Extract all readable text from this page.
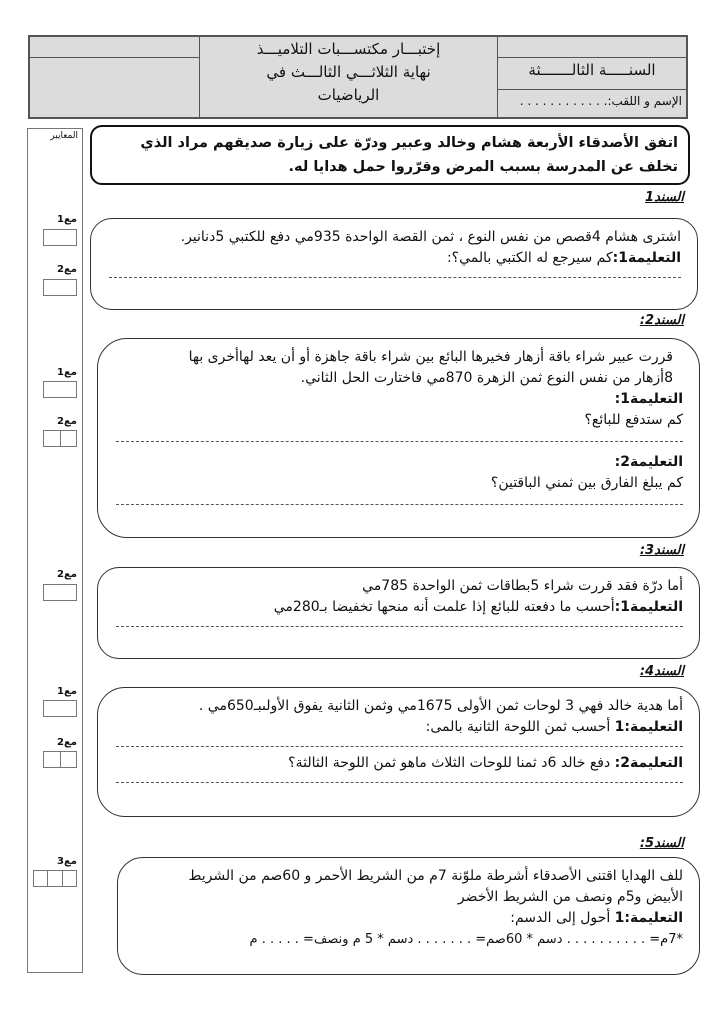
إختبـــار مكتســـبات التلاميـــذ
نهاية الثلاثـــي الثالـــث في
الرياضيات
السنـــــة الثالـــــــثة
الإسم و اللقب:. . . . . . . . . . . .
المعايير
مع1
مع2
مع1
مع2
مع2
مع1
مع2
مع3
اتفق الأصدقاء الأربعة هشام وخالد وعبير ودرّة على زيارة صديقهم مراد الذي تخلف عن المدرسة بسبب المرض وقرّروا حمل هدايا له.
السند1
اشترى هشام 4قصص من نفس النوع ، ثمن القصة الواحدة 935مي دفع للكتبي 5دنانير.
التعليمة1:كم سيرجع له الكتبي بالمي؟:
السند2:
قررت عبير شراء باقة أزهار فخيرها البائع بين شراء باقة جاهزة أو أن يعد لهاأخرى بها
8أزهار من نفس النوع ثمن الزهرة 870مي فاختارت الحل الثاني.
التعليمة1:
كم ستدفع للبائع؟
التعليمة2:
كم يبلغ الفارق بين ثمني الباقتين؟
السند3:
أما درّة فقد قررت شراء 5بطاقات ثمن الواحدة 785مي
التعليمة1:أحسب ما دفعته للبائع إذا علمت أنه منحها تخفيضا بـ280مي
السند4:
أما هدية خالد فهي 3 لوحات ثمن الأولى 1675مي وثمن الثانية يفوق الأولىبـ650مي .
التعليمة:1 أحسب ثمن اللوحة الثانية بالمى:
التعليمة2: دفع خالد 6د ثمنا للوحات الثلاث ماهو ثمن اللوحة الثالثة؟
السند5:
للف الهدايا اقتنى الأصدقاء أشرطة ملوّنة 7م من الشريط الأحمر و 60صم من الشريط
الأبيض و5م ونصف من الشريط الأخضر
التعليمة:1 أحول إلى الدسم:
*7م= . . . . . . . . . . دسم * 60صم= . . . . . . . دسم * 5 م ونصف= . . . . . م
